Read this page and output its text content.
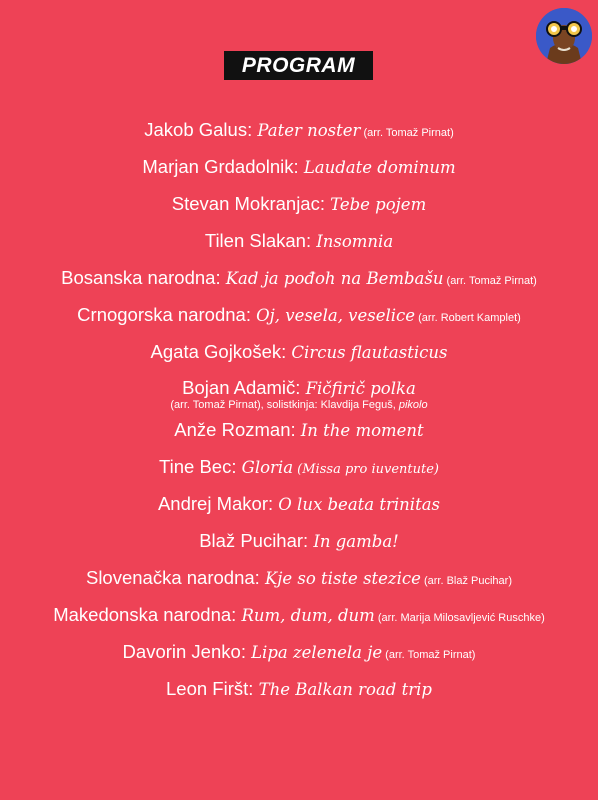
PROGRAM
Jakob Galus: Pater noster (arr. Tomaž Pirnat)
Marjan Grdadolnik: Laudate dominum
Stevan Mokranjac: Tebe pojem
Tilen Slakan: Insomnia
Bosanska narodna: Kad ja pođoh na Bembašu (arr. Tomaž Pirnat)
Crnogorska narodna: Oj, vesela, veselice (arr. Robert Kamplet)
Agata Gojkošek: Circus flautasticus
Bojan Adamič: Fičfirič polka
(arr. Tomaž Pirnat), solistkinja: Klavdija Feguš, pikolo
Anže Rozman: In the moment
Tine Bec: Gloria (Missa pro iuventute)
Andrej Makor: O lux beata trinitas
Blaž Pucihar: In gamba!
Slovenačka narodna: Kje so tiste stezice (arr. Blaž Pucihar)
Makedonska narodna: Rum, dum, dum (arr. Marija Milosavljević Ruschke)
Davorin Jenko: Lipa zelenela je (arr. Tomaž Pirnat)
Leon Firšt: The Balkan road trip
